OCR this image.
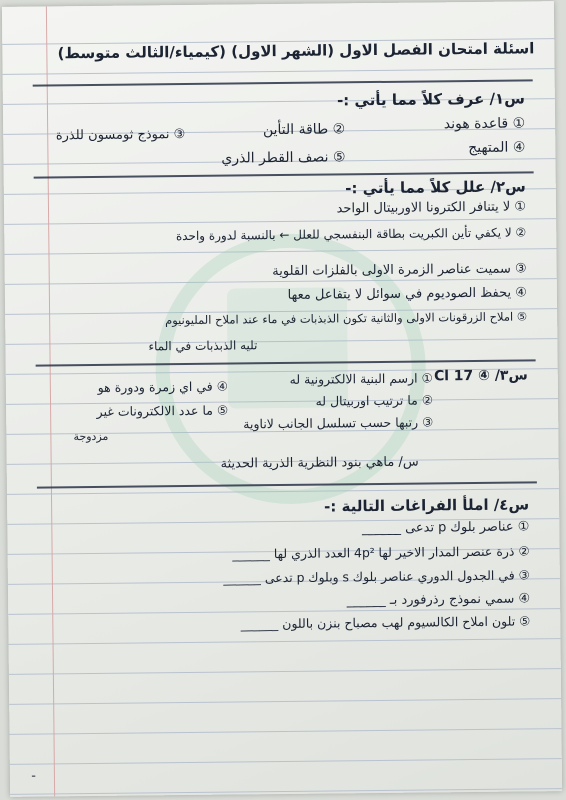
اسئلة امتحان الفصل الاول (الشهر الاول) (كيمياء/الثالث متوسط)
س١/ عرف كلاً مما يأتي :-
① قاعدة هوند
② طاقة التأين
③ نموذج ثومسون للذرة
④ المتهيج
⑤ نصف القطر الذري
س٢/ علل كلاً مما يأتي :-
① لا يتنافر الكترونا الاوربيتال الواحد
② لا يكفي تأين الكبريت بطاقة البنفسجي للعلل ← بالنسبة لدورة واحدة
③ سميت عناصر الزمرة الاولى بالفلزات القلوية
④ يحفظ الصوديوم في سوائل لا يتفاعل معها
⑤ املاح الزرقونات الاولى والثانية تكون الذبذبات في ماء عند املاح المليونيوم
تليه الذبذبات في الماء
س٣/ ④ 17 Cl
① ارسم البنية الالكترونية له
② ما ترتيب اوربيتال له
③ رتبها حسب تسلسل الجانب لاناوية
④ في اي زمرة ودورة هو
⑤ ما عدد الالكترونات غير
مزدوجة
س/ ماهي بنود النظرية الذرية الحديثة
س٤/ املأ الفراغات التالية :-
① عناصر بلوك p تدعى ______
② ذرة عنصر المدار الاخير لها 4p² العدد الذري لها ______
③ في الجدول الدوري عناصر بلوك s وبلوك p تدعى ______
④ سمي نموذج رذرفورد بـ ______
⑤ تلون املاح الكالسيوم لهب مصباح بنزن باللون ______
ـ
